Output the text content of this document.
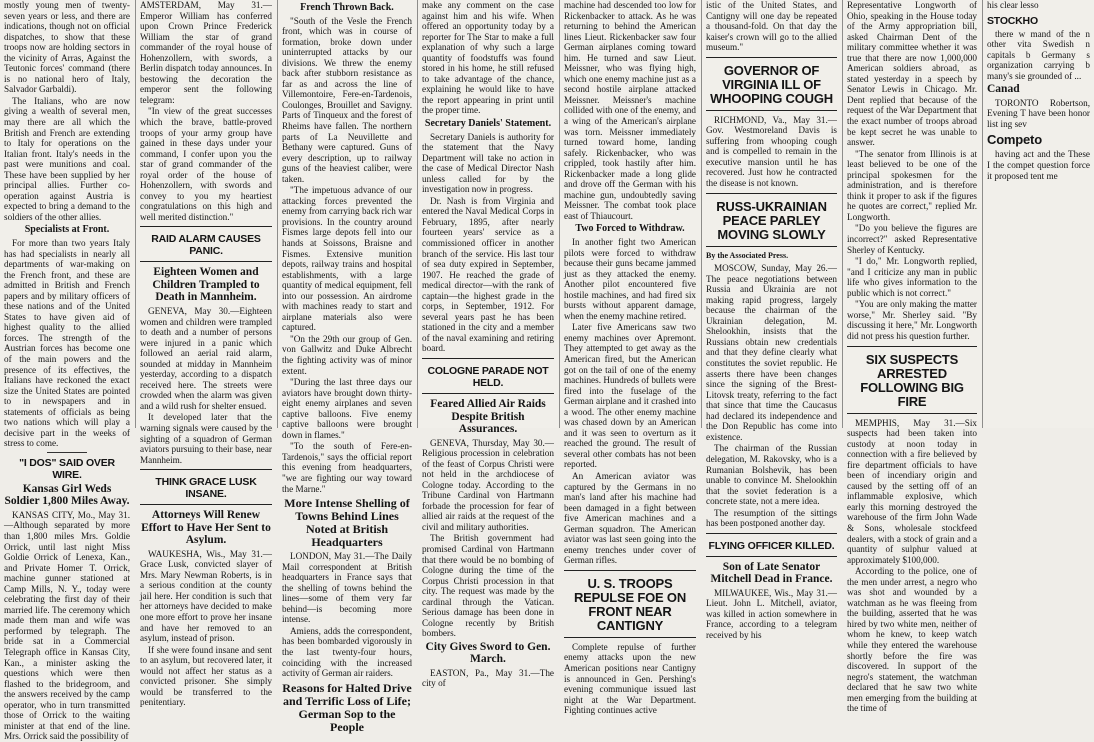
mostly young men of twenty-seven years or less, and there are indications, though not on official dispatches, to show that these troops now are holding sectors in the vicinity of Arras, Against the Teutonic forces' command (there is no national hero of Italy, Salvador Garbaldi).

The Italians, who are now giving a wealth of several men, may there are all which the British and French are extending to Italy for operations on the Italian front. Italy's needs in the past were munitions and coal. These have been supplied by her principal allies. Further co-operation against Austria is expected to bring a demand to the soldiers of the other allies.

Specialists at Front.

For more than two years Italy has had specialists in nearly all departments of war-making on the French front, and these are admitted in British and French papers and by military officers of these nations and of the United States to have given aid of highest quality to the allied forces. The strength of the Austrian forces has become one of the main powers and the presence of its effectives, the Italians have reckoned the exact size the United States are pointed to in newspapers and in statements of officials as being two nations which will play a decisive part in the weeks of stress to come.

"I DOS" SAID OVER WIRE.
Kansas Girl Weds Soldier 1,800 Miles Away.

KANSAS CITY, Mo., May 31.—Although separated by more than 1,800 miles Mrs. Goldie Orrick, until last night Miss Goldie Orrick of Lenexa, Kan., and Private Homer T. Orrick, machine gunner stationed at Camp Mills, N. Y., today were celebrating the first day of their married life. The ceremony which made them man and wife was performed by telegraph. The bride sat in a Commercial Telegraph office in Kansas City, Kan., a minister asking the questions which were then flashed to the bridegroom, and the answers received by the camp operator, who in turn transmitted those of Orrick to the waiting minister at that end of the line. Mrs. Orrick said the possibility of

AMSTERDAM, May 31.—Emperor William has conferred upon Crown Prince Frederick William the star of grand commander of the royal house of Hohenzollern, with swords, a Berlin dispatch today announces. In bestowing the decoration the emperor sent the following telegram:

"In view of the great successes which the brave, battle-proved troops of your army group have gained in these days under your command, I confer upon you the star of grand commander of the royal order of the house of Hohenzollern, with swords and convey to you my heartiest congratulations on this high and well merited distinction."

RAID ALARM CAUSES PANIC.
Eighteen Women and Children Trampled to Death in Mannheim.

GENEVA, May 30.—Eighteen women and children were trampled to death and a number of persons were injured in a panic which followed an aerial raid alarm, sounded at midday in Mannheim yesterday, according to a dispatch received here. The streets were crowded when the alarm was given and a wild rush for shelter ensued.

It developed later that the warning signals were caused by the sighting of a squadron of German aviators pursuing to their base, near Mannheim.

THINK GRACE LUSK INSANE.
Attorneys Will Renew Effort to Have Her Sent to Asylum.

WAUKESHA, Wis., May 31.—Grace Lusk, convicted slayer of Mrs. Mary Newman Roberts, is in a serious condition at the county jail here. Her condition is such that her attorneys have decided to make one more effort to prove her insane and have her removed to an asylum, instead of prison.

If she were found insane and sent to an asylum, but recovered later, it would not affect her status as a convicted prisoner. She simply would be transferred to the penitentiary.

French Thrown Back.

"South of the Vesle the French front, which was in course of formation, broke down under uninterrupted attacks by our divisions. We threw the enemy back after stubborn resistance as far as and across the line of Villemontoire, Fere-en-Tardenois, Coulonges, Brouillet and Savigny. Parts of Tinqueux and the forest of Rheims have fallen. The northern parts of La Neuvillette and Bethany were captured. Guns of every description, up to railway guns of the heaviest caliber, were taken.

"The impetuous advance of our attacking forces prevented the enemy from carrying back rich war provisions. In the country around Fismes large depots fell into our hands at Soissons, Braisne and Fismes. Extensive munition depots, railway trains and hospital establishments, with a large quantity of medical equipment, fell into our possession. An airdrome with machines ready to start and airplane materials also were captured.

"On the 29th our group of Gen. von Gallwitz and Duke Albrecht the fighting activity was of minor extent.

"During the last three days our aviators have brought down thirty-eight enemy airplanes and seven captive balloons. Five enemy captive balloons were brought down in flames."

"To the south of Fere-en-Tardenois," says the official report this evening from headquarters, "we are fighting our way toward the Marne."

More Intense Shelling of Towns Behind Lines Noted at British Headquarters

LONDON, May 31.—The Daily Mail correspondent at British headquarters in France says that the shelling of towns behind the lines—some of them very far behind—is becoming more intense.

Amiens, adds the correspondent, has been bombarded vigorously in the last twenty-four hours, coinciding with the increased activity of German air raiders.

Reasons for Halted Drive and Terrific Loss of Life; German Sop to the People

make any comment on the case against him and his wife. When offered an opportunity today by a reporter for The Star to make a full explanation of why such a large quantity of foodstuffs was found stored in his home, he still refused to take advantage of the chance, explaining he would like to have the report appearing in print until the proper time.

Secretary Daniels' Statement.

Secretary Daniels is authority for the statement that the Navy Department will take no action in the case of Medical Director Nash unless called for by the investigation now in progress.

Dr. Nash is from Virginia and entered the Naval Medical Corps in February, 1895, after nearly fourteen years' service as a commissioned officer in another branch of the service. His last tour of sea duty expired in September, 1907. He reached the grade of medical director—with the rank of captain—the highest grade in the corps, in September, 1912. For several years past he has been stationed in the city and a member of the naval examining and retiring board.

COLOGNE PARADE NOT HELD.
Feared Allied Air Raids Despite British Assurances.

GENEVA, Thursday, May 30.—Religious procession in celebration of the feast of Corpus Christi were not held in the archdiocese of Cologne today. According to the Tribune Cardinal von Hartmann forbade the procession for fear of allied air raids at the request of the civil and military authorities.

The British government had promised Cardinal von Hartmann that there would be no bombing of Cologne during the time of the Corpus Christi procession in that city. The request was made by the cardinal through the Vatican. Serious damage has been done in Cologne recently by British bombers.

City Gives Sword to Gen. March.

EASTON, Pa., May 31.—The city of

machine had descended too low for Rickenbacker to attack. As he was returning to behind the American lines Lieut. Rickenbacker saw four German airplanes coming toward him. He turned and saw Lieut. Meissner, who was flying high, which one enemy machine just as a second hostile airplane attacked Meissner. Meissner's machine collided with one of the enemy, and a wing of the American's airplane was torn. Meissner immediately turned toward home, landing safely. Rickenbacker, who was crippled, took hastily after him. Rickenbacker made a long glide and drove off the German with his machine gun, undoubtedly saving Meissner. The combat took place east of Thiaucourt.

Two Forced to Withdraw.

In another fight two American pilots were forced to withdraw because their guns became jammed just as they attacked the enemy. Another pilot encountered five hostile machines, and had fired six bursts without apparent damage, when the enemy machine retired.

Later five Americans saw two enemy machines over Apremont. They attempted to get away as the American fired, but the American got on the tail of one of the enemy machines. Hundreds of bullets were fired into the fuselage of the German airplane and it crashed into a wood. The other enemy machine was chased down by an American and it was seen to overturn as it reached the ground. The result of several other combats has not been reported.

An American aviator was captured by the Germans in no man's land after his machine had been damaged in a fight between five American machines and a German squadron. The American aviator was last seen going into the enemy trenches under cover of German rifles.

U. S. TROOPS REPULSE FOE ON FRONT NEAR CANTIGNY

Complete repulse of further enemy attacks upon the new American positions near Cantigny is announced in Gen. Pershing's evening communique issued last night at the War Department. Fighting continues active

istic of the United States, and Cantigny will one day be repeated a thousand-fold. On that day the kaiser's crown will go to the allied museum."

GOVERNOR OF VIRGINIA ILL OF WHOOPING COUGH

RICHMOND, Va., May 31.—Gov. Westmoreland Davis is suffering from whooping cough and is compelled to remain in the executive mansion until he has recovered. Just how he contracted the disease is not known.

RUSS-UKRAINIAN PEACE PARLEY MOVING SLOWLY

By the Associated Press.

MOSCOW, Sunday, May 26.—The peace negotiations between Russia and Ukrainia are not making rapid progress, largely because the chairman of the Ukrainian delegation, M. Shelookhin, insists that the Russians obtain new credentials and that they define clearly what constitutes the soviet republic. He asserts there have been changes since the signing of the Brest-Litovsk treaty, referring to the fact that since that time the Caucasus had declared its independence and the Don Republic has come into existence.

The chairman of the Russian delegation, M. Rakovsky, who is a Rumanian Bolshevik, has been unable to convince M. Shelookhin that the soviet federation is a concrete state, not a mere idea.

The resumption of the sittings has been postponed another day.

FLYING OFFICER KILLED.
Son of Late Senator Mitchell Dead in France.

MILWAUKEE, Wis., May 31.—Lieut. John L. Mitchell, aviator, was killed in action somewhere in France, according to a telegram received by his

Representative Longworth of Ohio, speaking in the House today of the Army appropriation bill, asked Chairman Dent of the military committee whether it was true that there are now 1,000,000 American soldiers abroad, as stated yesterday in a speech by Senator Lewis in Chicago. Mr. Dent replied that because of the request of the War Department that the exact number of troops abroad be kept secret he was unable to answer.

"The senator from Illinois is at least believed to be one of the principal spokesmen for the administration, and is therefore think it proper to ask if the figures he quotes are correct," replied Mr. Longworth.

"Do you believe the figures are incorrect?" asked Representative Sherley of Kentucky.

"I do," Mr. Longworth replied, "and I criticize any man in public life who gives information to the public which is not correct."

"You are only making the matter worse," Mr. Sherley said. "By discussing it here," Mr. Longworth did not press his question further.

SIX SUSPECTS ARRESTED FOLLOWING BIG FIRE

MEMPHIS, May 31.—Six suspects had been taken into custody at noon today in connection with a fire believed by fire department officials to have been of incendiary origin and caused by the setting off of an inflammable explosive, which early this morning destroyed the warehouse of the firm John Wade & Sons, wholesale stockfeed dealers, with a stock of grain and a quantity of sulphur valued at approximately $100,000.

According to the police, one of the men under arrest, a negro who was shot and wounded by a watchman as he was fleeing from the building, asserted that he was hired by two white men, neither of whom he knew, to keep watch while they entered the warehouse shortly before the fire was discovered. In support of the negro's statement, the watchman declared that he saw two white men emerging from the building at the time of

his clear lesso

STOCKHO

there w mand of the n other vita Swedish n capitals b Germany s organization carrying b many's sie grounded of ...

Canad

TORONTO Robertson, Evening T have been honor list ing sev

Competo

having act and the These I the compet question force it proposed tent me
